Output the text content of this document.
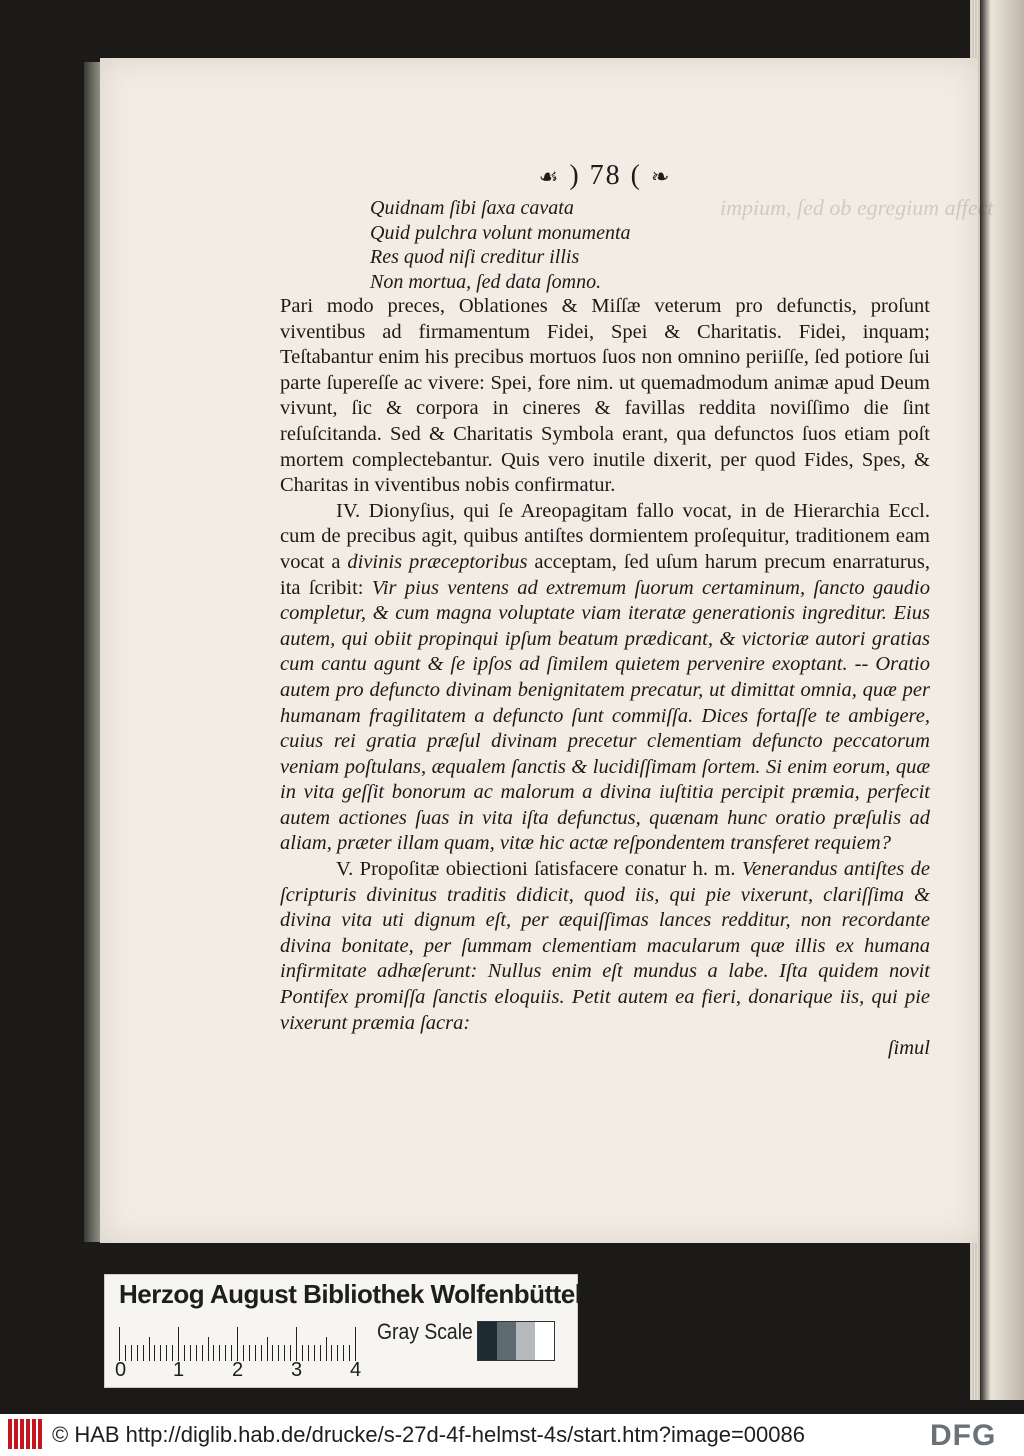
impium, ſed ob egregium affect
☙ ) 78 ( ❧
Quidnam ſibi ſaxa cavata
Quid pulchra volunt monumenta
Res quod niſi creditur illis
Non mortua, ſed data ſomno.
Pari modo preces, Oblationes & Miſſæ veterum pro defunctis, proſunt viventibus ad firmamentum Fidei, Spei & Charitatis. Fidei, inquam; Teſtabantur enim his precibus mortuos ſuos non omnino periiſſe, ſed potiore ſui parte ſupereſſe ac vivere: Spei, fore nim. ut quemadmodum animæ apud Deum vivunt, ſic & corpora in cineres & favillas reddita noviſſimo die ſint reſuſcitanda. Sed & Charitatis Symbola erant, qua defunctos ſuos etiam poſt mortem complectebantur. Quis vero inutile dixerit, per quod Fides, Spes, & Charitas in viventibus nobis confirmatur.
IV. Dionyſius, qui ſe Areopagitam fallo vocat, in de Hierarchia Eccl. cum de precibus agit, quibus antiſtes dormientem proſequitur, traditionem eam vocat a divinis præceptoribus acceptam, ſed uſum harum precum enarraturus, ita ſcribit: Vir pius ventens ad extremum ſuorum certaminum, ſancto gaudio completur, & cum magna voluptate viam iteratæ generationis ingreditur. Eius autem, qui obiit propinqui ipſum beatum prædicant, & victoriæ autori gratias cum cantu agunt & ſe ipſos ad ſimilem quietem pervenire exoptant. -- Oratio autem pro defuncto divinam benignitatem precatur, ut dimittat omnia, quæ per humanam fragilitatem a defuncto ſunt commiſſa. Dices fortaſſe te ambigere, cuius rei gratia præſul divinam precetur clementiam defuncto peccatorum veniam poſtulans, æqualem ſanctis & lucidiſſimam ſortem. Si enim eorum, quæ in vita geſſit bonorum ac malorum a divina iuſtitia percipit præmia, perfecit autem actiones ſuas in vita iſta defunctus, quænam hunc oratio præſulis ad aliam, præter illam quam, vitæ hic actæ reſpondentem transferet requiem?
V. Propoſitæ obiectioni ſatisfacere conatur h. m. Venerandus antiſtes de ſcripturis divinitus traditis didicit, quod iis, qui pie vixerunt, clariſſima & divina vita uti dignum eſt, per æquiſſimas lances redditur, non recordante divina bonitate, per ſummam clementiam macularum quæ illis ex humana infirmitate adhæſerunt: Nullus enim eſt mundus a labe. Iſta quidem novit Pontifex promiſſa ſanctis eloquiis. Petit autem ea fieri, donarique iis, qui pie vixerunt præmia ſacra:
ſimul
Herzog August Bibliothek Wolfenbüttel
0 1 2 3 4
Gray Scale
© HAB http://diglib.hab.de/drucke/s-27d-4f-helmst-4s/start.htm?image=00086	DFG
